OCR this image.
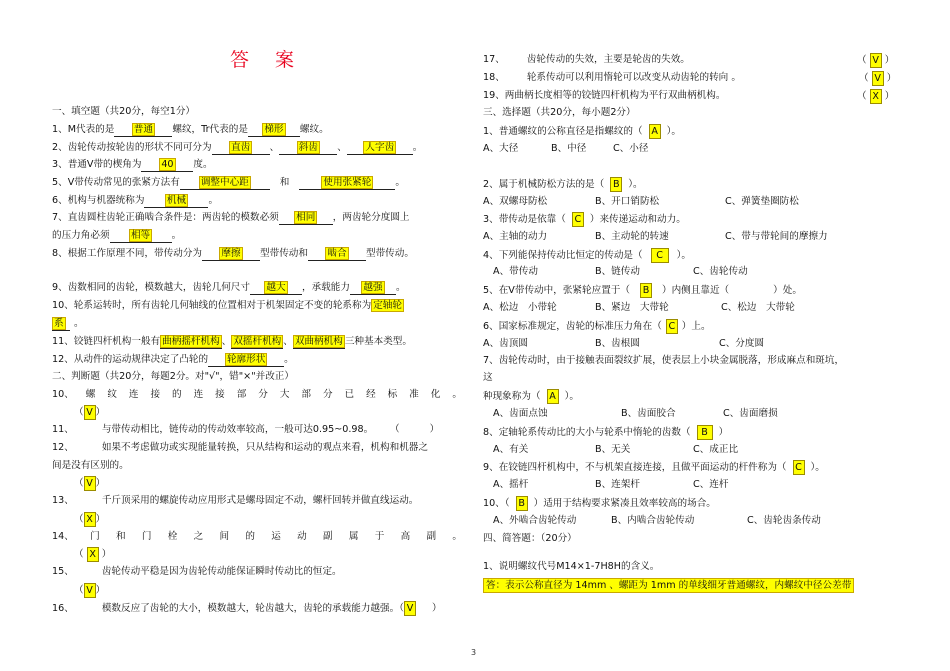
答 案
一、填空题（共20分，每空1分）
1、M代表的是 普通 螺纹，Tr代表的是 梯形 螺纹。
2、齿轮传动按轮齿的形状不同可分为 直齿 、 斜齿 、 人字齿 。
3、普通V带的楔角为 40 度。
5、V带传动常见的张紧方法有 调整中心距	和	使用张紧轮	。
6、机构与机器统称为 机械 。
7、直齿圆柱齿轮正确啮合条件是：两齿轮的模数必须 相同 ，两齿轮分度圆上
的压力角必须 相等 。
8、根据工作原理不同，带传动分为 摩擦 型带传动和 啮合 型带传动。
9、齿数相同的齿轮，模数越大，齿轮几何尺寸 越大 ，承载能力 越强 。
10、轮系运转时，所有齿轮几何轴线的位置相对于机架固定不变的轮系称为 定轴轮
系 。
11、铰链四杆机构一般有 曲柄摇杆机构 、 双摇杆机构 、 双曲柄机构 三种基本类型。
12、从动件的运动规律决定了凸轮的 轮廓形状 。
二、判断题（共20分，每题2分。对"√"，错"×"并改正）
10、 螺 纹 连 接 的 连 接 部 分 大 部 分 已 经 标 准 化 。
（ V ）
11、	与带传动相比，链传动的传动效率较高，一般可达0.95~0.98。 （	）
12、	如果不考虑做功或实现能量转换，只从结构和运动的观点来看，机构和机器之
间是没有区别的。
（ V ）
13、	千斤顶采用的螺旋传动应用形式是螺母固定不动，螺杆回转并做直线运动。
（ X ）
14、 门 和 门 栓 之 间 的 运 动 副 属 于 高 副 。
（ X ）
15、	齿轮传动平稳是因为齿轮传动能保证瞬时传动比的恒定。
（ V ）
16、	模数反应了齿轮的大小，模数越大，轮齿越大，齿轮的承载能力越强。（ V ）
17、 齿轮传动的失效，主要是轮齿的失效。	（ V ）
18、 轮系传动可以利用惰轮可以改变从动齿轮的转向 。	（ V ）
19、两曲柄长度相等的铰链四杆机构为平行双曲柄机构。	（ X ）
三、选择题（共20分，每小题2分）
1、普通螺纹的公称直径是指螺纹的（ A ）。
A、大径	B、中径	C、小径
2、属于机械防松方法的是（ B ）。
A、双螺母防松	B、开口销防松	C、弹簧垫圈防松
3、带传动是依靠（ C ）来传递运动和动力。
A、主轴的动力	B、主动轮的转速	C、带与带轮间的摩擦力
4、下列能保持传动比恒定的传动是（ C ）。
A、带传动	B、链传动	C、齿轮传动
5、在V带传动中，张紧轮应置于（ B ）内侧且靠近（	）处。
A、松边　小带轮	B、紧边　大带轮	C、松边　大带轮
6、国家标准规定，齿轮的标准压力角在（ C ）上。
A、齿顶圆	B、齿根圆	C、分度圆
7、齿轮传动时，由于接触表面裂纹扩展，使表层上小块金属脱落，形成麻点和斑坑，
这
种现象称为（ A ）。
A、齿面点蚀	B、齿面胶合	C、齿面磨损
8、定轴轮系传动比的大小与轮系中惰轮的齿数（ B ）
A、有关	B、无关	C、成正比
9、在铰链四杆机构中，不与机架直接连接，且做平面运动的杆件称为（ C ）。
A、摇杆	B、连架杆	C、连杆
10、（ B ）适用于结构要求紧凑且效率较高的场合。
A、外啮合齿轮传动	B、内啮合齿轮传动	C、齿轮齿条传动
四、简答题：（20分）
1、说明螺纹代号M14×1-7H8H的含义。
答：表示公称直径为 14mm 、螺距为 1mm 的单线细牙普通螺纹，内螺纹中径公差带
3
